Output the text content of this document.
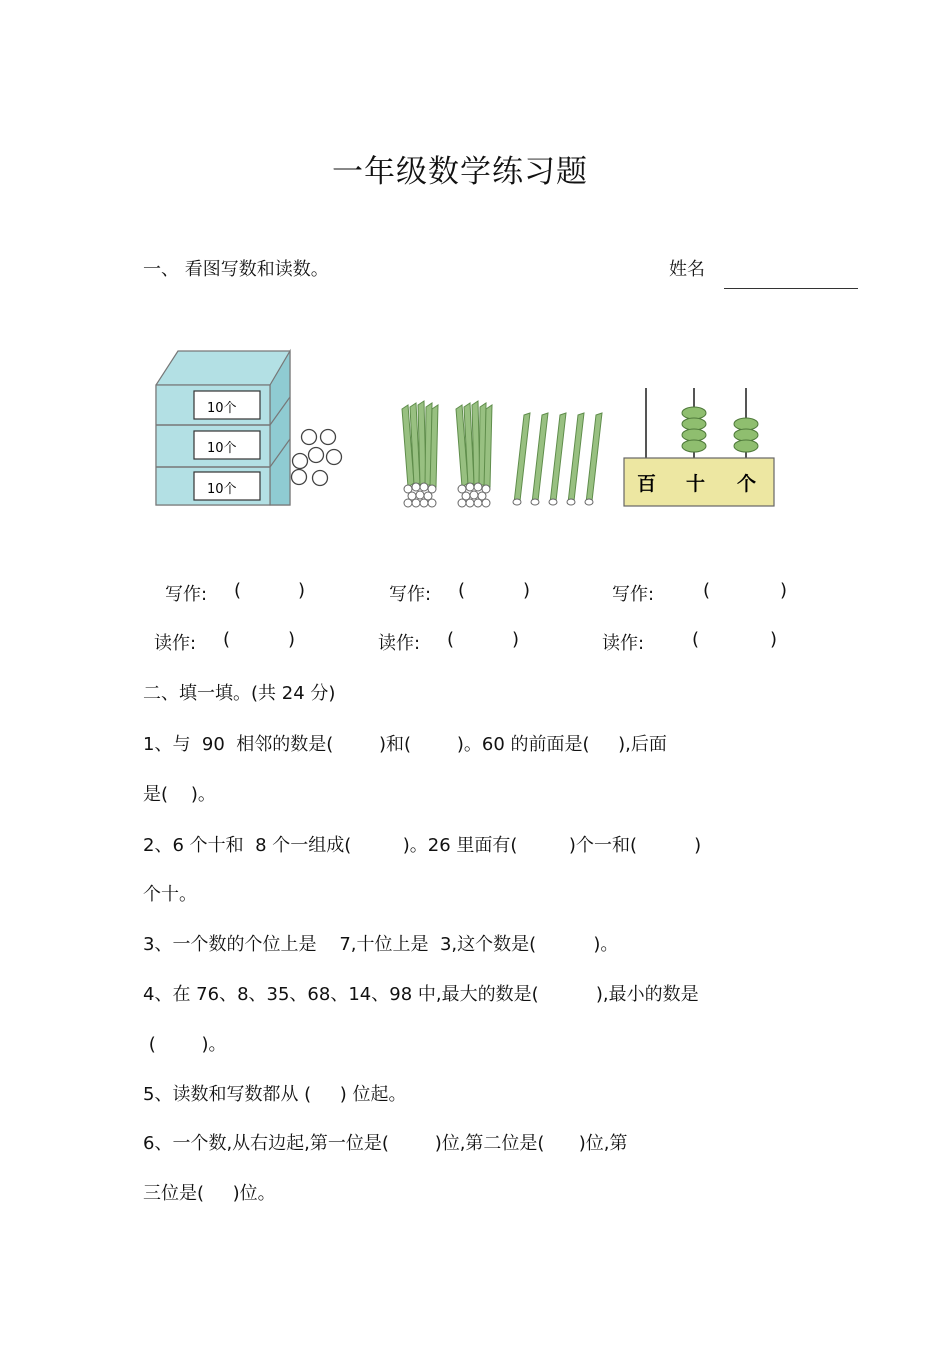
一年级数学练习题
一、 看图写数和读数。	姓名
10个
10个
10个	百 十 个
写作: (	)	写作: (	)	写作:	(	)
读作: (	)	读作: (	)	读作:	(	)
二、填一填。(共 24 分)
1、与  90  相邻的数是(        )和(        )。60 的前面是(     ),后面
是(    )。
2、6 个十和  8 个一组成(         )。26 里面有(         )个一和(          )
个十。
3、一个数的个位上是    7,十位上是  3,这个数是(          )。
4、在 76、8、35、68、14、98 中,最大的数是(          ),最小的数是
(        )。
5、读数和写数都从 (     ) 位起。
6、一个数,从右边起,第一位是(        )位,第二位是(      )位,第
三位是(     )位。
